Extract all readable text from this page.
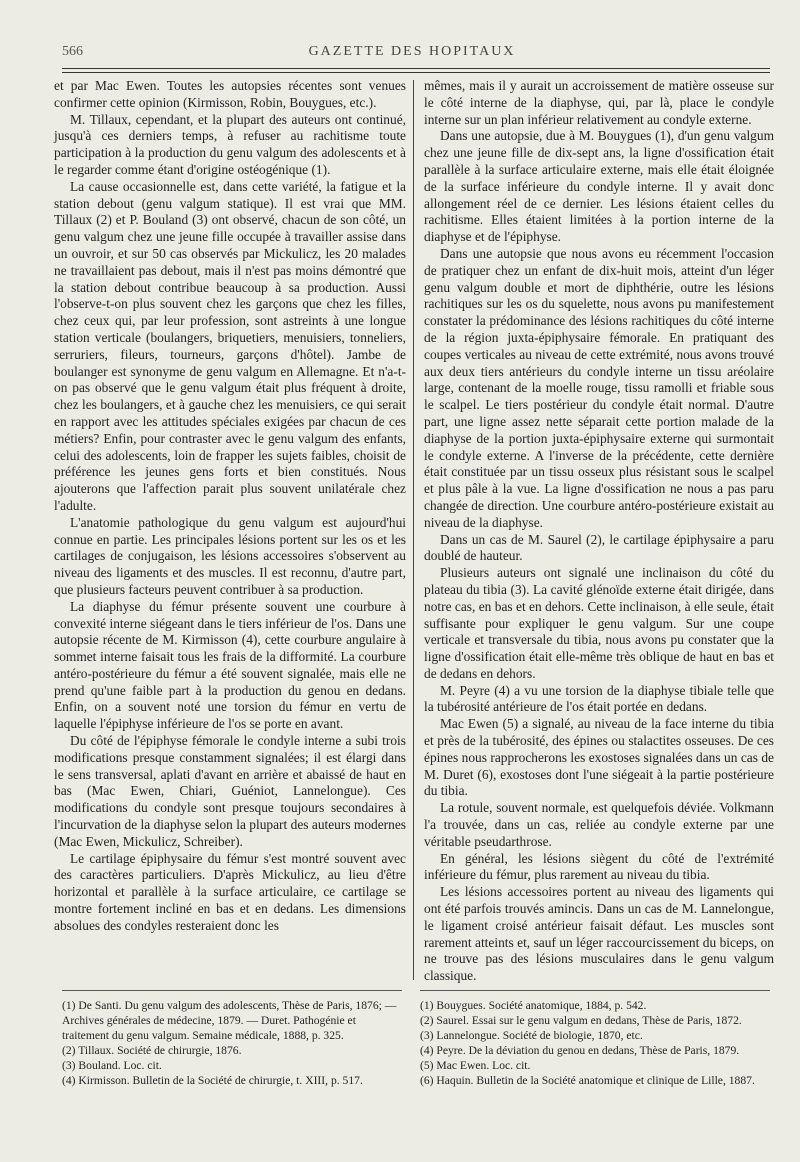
566	GAZETTE DES HOPITAUX

et par Mac Ewen. Toutes les autopsies récentes sont venues confirmer cette opinion (Kirmisson, Robin, Bouygues, etc.).

M. Tillaux, cependant, et la plupart des auteurs ont continué, jusqu'à ces derniers temps, à refuser au rachitisme toute participation à la production du genu valgum des adolescents et à le regarder comme étant d'origine ostéogénique (1).

La cause occasionnelle est, dans cette variété, la fatigue et la station debout (genu valgum statique). Il est vrai que MM. Tillaux (2) et P. Bouland (3) ont observé, chacun de son côté, un genu valgum chez une jeune fille occupée à travailler assise dans un ouvroir, et sur 50 cas observés par Mickulicz, les 20 malades ne travaillaient pas debout, mais il n'est pas moins démontré que la station debout contribue beaucoup à sa production. Aussi l'observe-t-on plus souvent chez les garçons que chez les filles, chez ceux qui, par leur profession, sont astreints à une longue station verticale (boulangers, briquetiers, menuisiers, tonneliers, serruriers, fileurs, tourneurs, garçons d'hôtel). Jambe de boulanger est synonyme de genu valgum en Allemagne. Et n'a-t-on pas observé que le genu valgum était plus fréquent à droite, chez les boulangers, et à gauche chez les menuisiers, ce qui serait en rapport avec les attitudes spéciales exigées par chacun de ces métiers? Enfin, pour contraster avec le genu valgum des enfants, celui des adolescents, loin de frapper les sujets faibles, choisit de préférence les jeunes gens forts et bien constitués. Nous ajouterons que l'affection parait plus souvent unilatérale chez l'adulte.

L'anatomie pathologique du genu valgum est aujourd'hui connue en partie. Les principales lésions portent sur les os et les cartilages de conjugaison, les lésions accessoires s'observent au niveau des ligaments et des muscles. Il est reconnu, d'autre part, que plusieurs facteurs peuvent contribuer à sa production.

La diaphyse du fémur présente souvent une courbure à convexité interne siégeant dans le tiers inférieur de l'os. Dans une autopsie récente de M. Kirmisson (4), cette courbure angulaire à sommet interne faisait tous les frais de la difformité. La courbure antéro-postérieure du fémur a été souvent signalée, mais elle ne prend qu'une faible part à la production du genou en dedans. Enfin, on a souvent noté une torsion du fémur en vertu de laquelle l'épiphyse inférieure de l'os se porte en avant.

Du côté de l'épiphyse fémorale le condyle interne a subi trois modifications presque constamment signalées; il est élargi dans le sens transversal, aplati d'avant en arrière et abaissé de haut en bas (Mac Ewen, Chiari, Guéniot, Lannelongue). Ces modifications du condyle sont presque toujours secondaires à l'incurvation de la diaphyse selon la plupart des auteurs modernes (Mac Ewen, Mickulicz, Schreiber).

Le cartilage épiphysaire du fémur s'est montré souvent avec des caractères particuliers. D'après Mickulicz, au lieu d'être horizontal et parallèle à la surface articulaire, ce cartilage se montre fortement incliné en bas et en dedans. Les dimensions absolues des condyles resteraient donc les

mêmes, mais il y aurait un accroissement de matière osseuse sur le côté interne de la diaphyse, qui, par là, place le condyle interne sur un plan inférieur relativement au condyle externe.

Dans une autopsie, due à M. Bouygues (1), d'un genu valgum chez une jeune fille de dix-sept ans, la ligne d'ossification était parallèle à la surface articulaire externe, mais elle était éloignée de la surface inférieure du condyle interne. Il y avait donc allongement réel de ce dernier. Les lésions étaient celles du rachitisme. Elles étaient limitées à la portion interne de la diaphyse et de l'épiphyse.

Dans une autopsie que nous avons eu récemment l'occasion de pratiquer chez un enfant de dix-huit mois, atteint d'un léger genu valgum double et mort de diphthérie, outre les lésions rachitiques sur les os du squelette, nous avons pu manifestement constater la prédominance des lésions rachitiques du côté interne de la région juxta-épiphysaire fémorale. En pratiquant des coupes verticales au niveau de cette extrémité, nous avons trouvé aux deux tiers antérieurs du condyle interne un tissu aréolaire large, contenant de la moelle rouge, tissu ramolli et friable sous le scalpel. Le tiers postérieur du condyle était normal. D'autre part, une ligne assez nette séparait cette portion malade de la diaphyse de la portion juxta-épiphysaire externe qui surmontait le condyle externe. A l'inverse de la précédente, cette dernière était constituée par un tissu osseux plus résistant sous le scalpel et plus pâle à la vue. La ligne d'ossification ne nous a pas paru changée de direction. Une courbure antéro-postérieure existait au niveau de la diaphyse.

Dans un cas de M. Saurel (2), le cartilage épiphysaire a paru doublé de hauteur.

Plusieurs auteurs ont signalé une inclinaison du côté du plateau du tibia (3). La cavité glénoïde externe était dirigée, dans notre cas, en bas et en dehors. Cette inclinaison, à elle seule, était suffisante pour expliquer le genu valgum. Sur une coupe verticale et transversale du tibia, nous avons pu constater que la ligne d'ossification était elle-même très oblique de haut en bas et de dedans en dehors.

M. Peyre (4) a vu une torsion de la diaphyse tibiale telle que la tubérosité antérieure de l'os était portée en dedans.

Mac Ewen (5) a signalé, au niveau de la face interne du tibia et près de la tubérosité, des épines ou stalactites osseuses. De ces épines nous rapprocherons les exostoses signalées dans un cas de M. Duret (6), exostoses dont l'une siégeait à la partie postérieure du tibia.

La rotule, souvent normale, est quelquefois déviée. Volkmann l'a trouvée, dans un cas, reliée au condyle externe par une véritable pseudarthrose.

En général, les lésions siègent du côté de l'extrémité inférieure du fémur, plus rarement au niveau du tibia.

Les lésions accessoires portent au niveau des ligaments qui ont été parfois trouvés amincis. Dans un cas de M. Lannelongue, le ligament croisé antérieur faisait défaut. Les muscles sont rarement atteints et, sauf un léger raccourcissement du biceps, on ne trouve pas des lésions musculaires dans le genu valgum classique.

(1) De Santi. Du genu valgum des adolescents, Thèse de Paris, 1876; — Archives générales de médecine, 1879. — Duret. Pathogénie et traitement du genu valgum. Semaine médicale, 1888, p. 325.

(2) Tillaux. Société de chirurgie, 1876.

(3) Bouland. Loc. cit.

(4) Kirmisson. Bulletin de la Société de chirurgie, t. XIII, p. 517.

(1) Bouygues. Société anatomique, 1884, p. 542.

(2) Saurel. Essai sur le genu valgum en dedans, Thèse de Paris, 1872.

(3) Lannelongue. Société de biologie, 1870, etc.

(4) Peyre. De la déviation du genou en dedans, Thèse de Paris, 1879.

(5) Mac Ewen. Loc. cit.

(6) Haquin. Bulletin de la Société anatomique et clinique de Lille, 1887.
